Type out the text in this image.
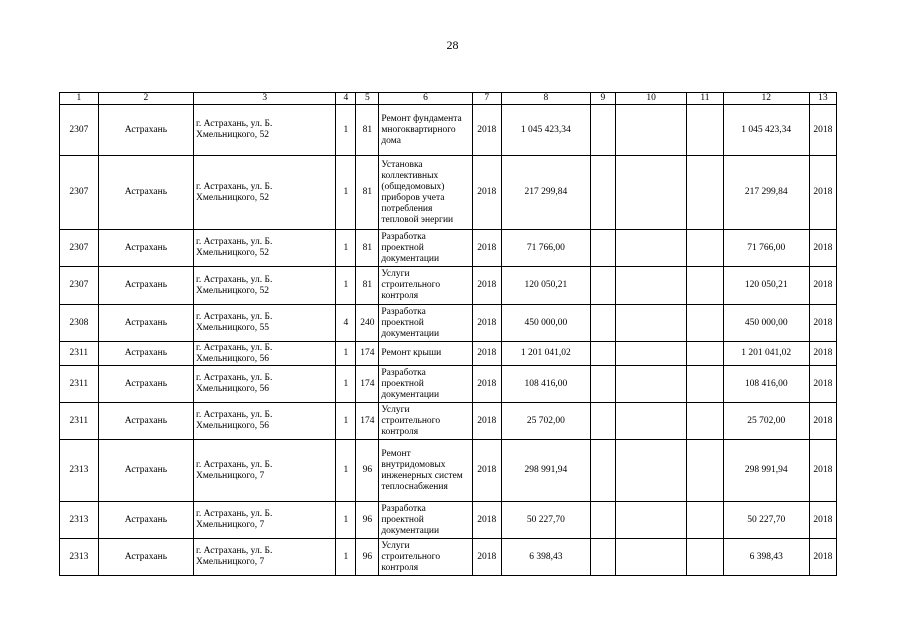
28
1	2	3	4	5	6	7	8	9	10	11	12	13
2307	Астрахань	г. Астрахань, ул. Б. Хмельницкого, 52	1	81	Ремонт фундамента многоквартирного дома	2018	1 045 423,34				1 045 423,34	2018
2307	Астрахань	г. Астрахань, ул. Б. Хмельницкого, 52	1	81	Установка коллективных (общедомовых) приборов учета потребления тепловой энергии	2018	217 299,84				217 299,84	2018
2307	Астрахань	г. Астрахань, ул. Б. Хмельницкого, 52	1	81	Разработка проектной документации	2018	71 766,00				71 766,00	2018
2307	Астрахань	г. Астрахань, ул. Б. Хмельницкого, 52	1	81	Услуги строительного контроля	2018	120 050,21				120 050,21	2018
2308	Астрахань	г. Астрахань, ул. Б. Хмельницкого, 55	4	240	Разработка проектной документации	2018	450 000,00				450 000,00	2018
2311	Астрахань	г. Астрахань, ул. Б. Хмельницкого, 56	1	174	Ремонт крыши	2018	1 201 041,02				1 201 041,02	2018
2311	Астрахань	г. Астрахань, ул. Б. Хмельницкого, 56	1	174	Разработка проектной документации	2018	108 416,00				108 416,00	2018
2311	Астрахань	г. Астрахань, ул. Б. Хмельницкого, 56	1	174	Услуги строительного контроля	2018	25 702,00				25 702,00	2018
2313	Астрахань	г. Астрахань, ул. Б. Хмельницкого, 7	1	96	Ремонт внутридомовых инженерных систем теплоснабжения	2018	298 991,94				298 991,94	2018
2313	Астрахань	г. Астрахань, ул. Б. Хмельницкого, 7	1	96	Разработка проектной документации	2018	50 227,70				50 227,70	2018
2313	Астрахань	г. Астрахань, ул. Б. Хмельницкого, 7	1	96	Услуги строительного контроля	2018	6 398,43				6 398,43	2018
